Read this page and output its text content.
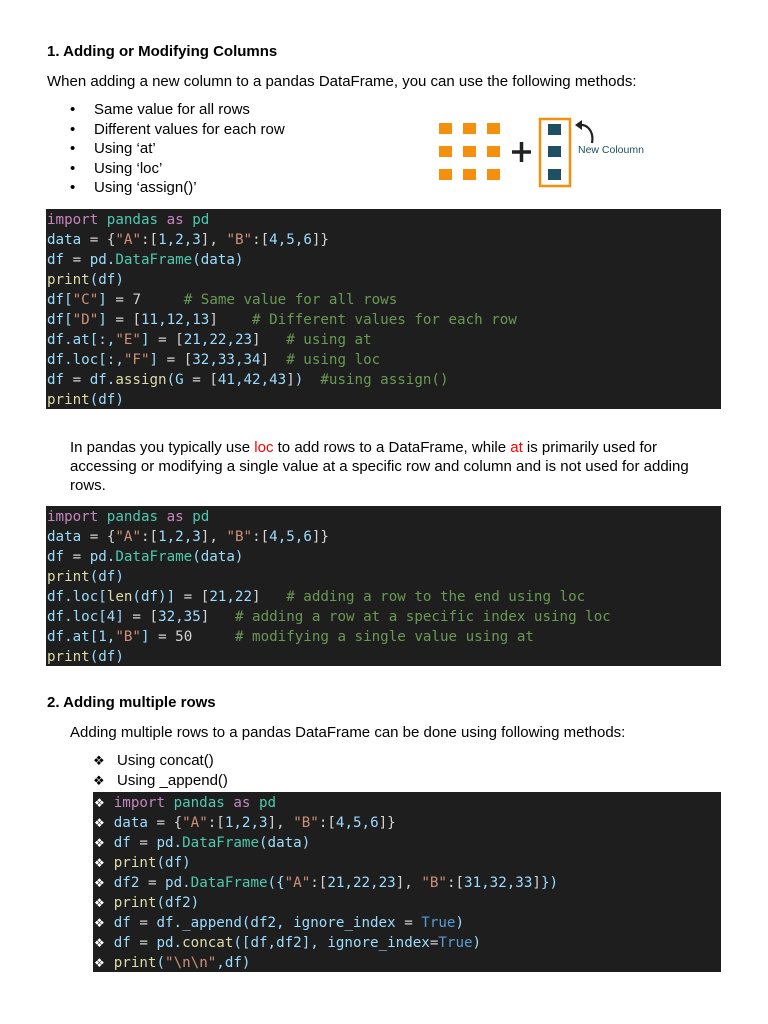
1. Adding or Modifying Columns
When adding a new column to a pandas DataFrame, you can use the following methods:
• Same value for all rows
• Different values for each row
• Using ‘at’
• Using ‘loc’
• Using ‘assign()’
New Coloumn
import pandas as pd
data = {"A":[1,2,3], "B":[4,5,6]}
df = pd.DataFrame(data)
print(df)
df["C"] = 7	# Same value for all rows
df["D"] = [11,12,13] # Different values for each row
df.at[:,"E"] = [21,22,23] # using at
df.loc[:,"F"] = [32,33,34] # using loc
df = df.assign(G = [41,42,43])  #using assign()
print(df)
In pandas you typically use loc to add rows to a DataFrame, while at is primarily used for accessing or modifying a single value at a specific row and column and is not used for adding rows.
import pandas as pd
data = {"A":[1,2,3], "B":[4,5,6]}
df = pd.DataFrame(data)
print(df)
df.loc[len(df)] = [21,22] # adding a row to the end using loc
df.loc[4] = [32,35] # adding a row at a specific index using loc
df.at[1,"B"] = 50	# modifying a single value using at
print(df)
2. Adding multiple rows
Adding multiple rows to a pandas DataFrame can be done using following methods:
❖ Using concat()
❖ Using _append()
❖ import pandas as pd
❖ data = {"A":[1,2,3], "B":[4,5,6]}
❖ df = pd.DataFrame(data)
❖ print(df)
❖ df2 = pd.DataFrame({"A":[21,22,23], "B":[31,32,33]})
❖ print(df2)
❖ df = df._append(df2, ignore_index = True)
❖ df = pd.concat([df,df2], ignore_index=True)
❖ print("\n\n",df)
